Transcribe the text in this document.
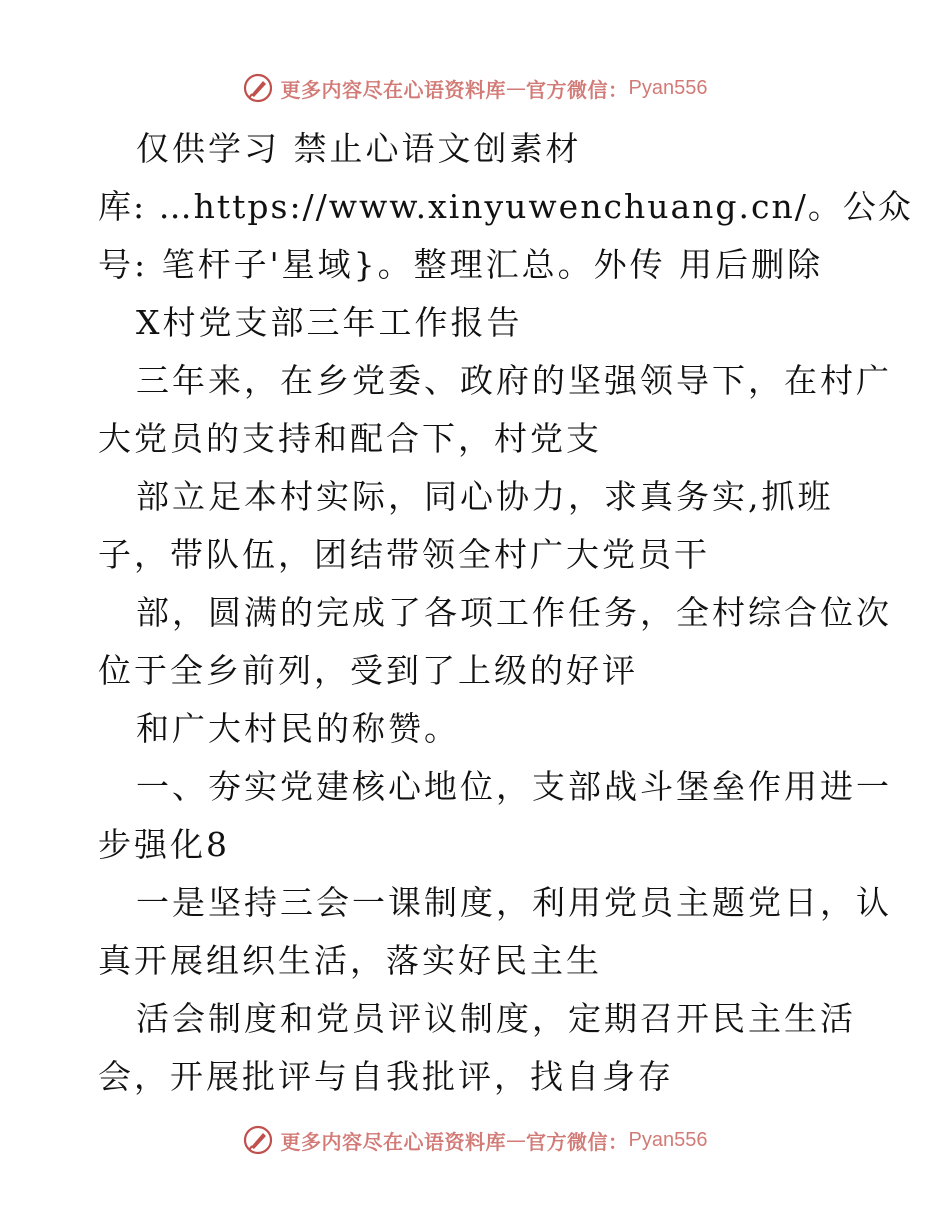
更多内容尽在心语资料库 — 官方微信： Pyan556
仅供学习 禁止心语文创素材
库: …https://www.xinyuwenchuang.cn/。公众
号: 笔杆子'星域}。整理汇总。外传 用后删除
X村党支部三年工作报告
三年来，在乡党委、政府的坚强领导下，在村广
大党员的支持和配合下，村党支
部立足本村实际，同心协力，求真务实,抓班
子，带队伍，团结带领全村广大党员干
部，圆满的完成了各项工作任务，全村综合位次
位于全乡前列，受到了上级的好评
和广大村民的称赞。
一、夯实党建核心地位，支部战斗堡垒作用进一
步强化8
一是坚持三会一课制度，利用党员主题党日，认
真开展组织生活，落实好民主生
活会制度和党员评议制度，定期召开民主生活
会，开展批评与自我批评，找自身存
更多内容尽在心语资料库 — 官方微信： Pyan556
